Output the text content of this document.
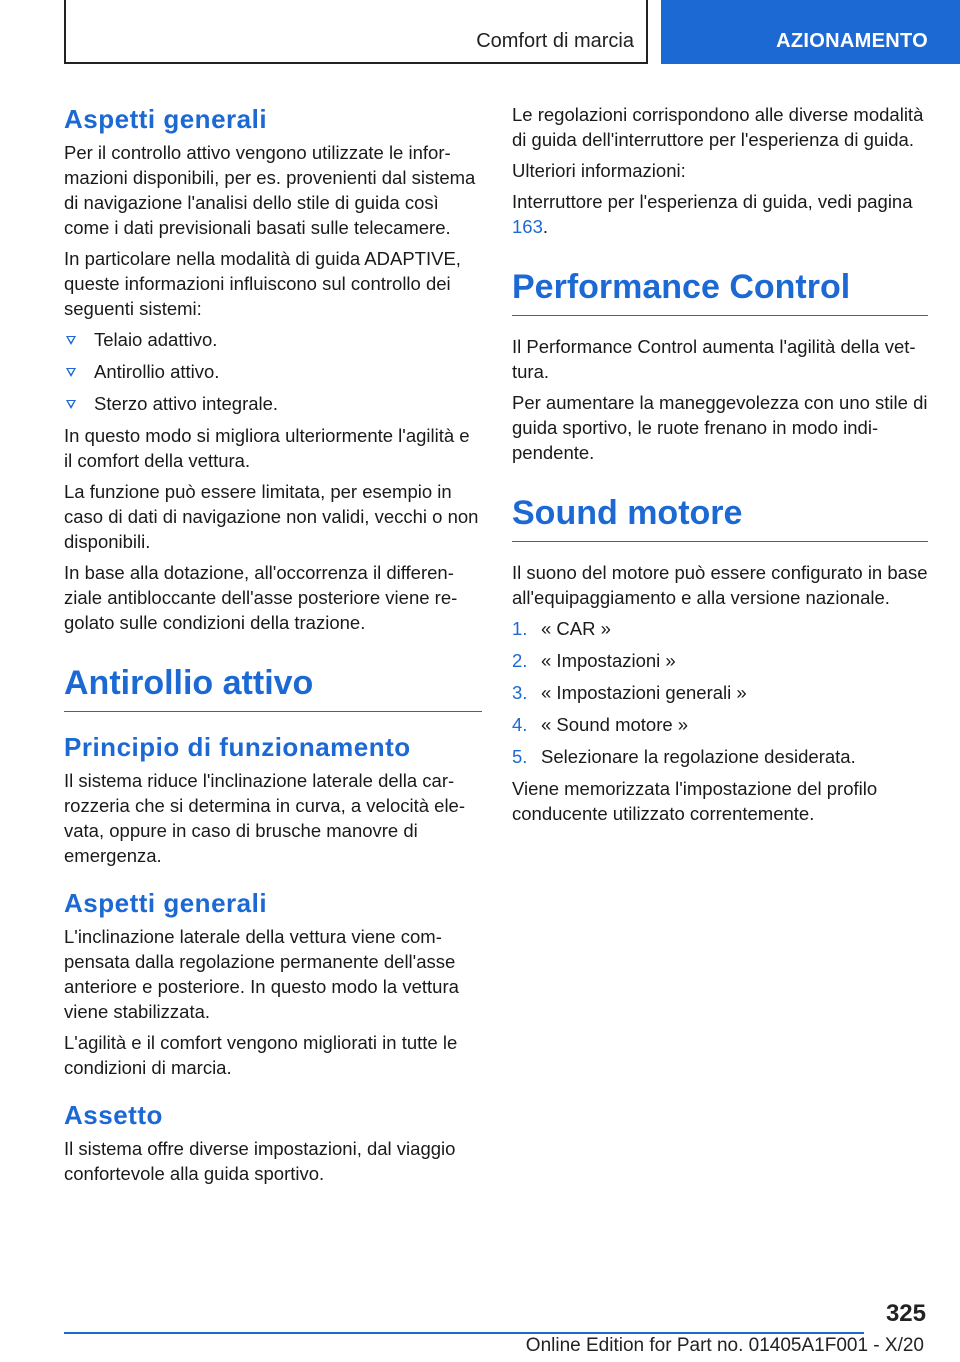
Comfort di marcia	AZIONAMENTO
Aspetti generali

Per il controllo attivo vengono utilizzate le informazioni disponibili, per es. provenienti dal sistema di navigazione l'analisi dello stile di guida così come i dati previsionali basati sulle telecamere.

In particolare nella modalità di guida ADAPTIVE, queste informazioni influiscono sul controllo dei seguenti sistemi:

Telaio adattivo.
Antirollio attivo.
Sterzo attivo integrale.

In questo modo si migliora ulteriormente l'agilità e il comfort della vettura.

La funzione può essere limitata, per esempio in caso di dati di navigazione non validi, vecchi o non disponibili.

In base alla dotazione, all'occorrenza il differenziale antibloccante dell'asse posteriore viene regolato sulle condizioni della trazione.

Antirollio attivo
Principio di funzionamento

Il sistema riduce l'inclinazione laterale della carrozzeria che si determina in curva, a velocità elevata, oppure in caso di brusche manovre di emergenza.

Aspetti generali

L'inclinazione laterale della vettura viene compensata dalla regolazione permanente dell'asse anteriore e posteriore. In questo modo la vettura viene stabilizzata.

L'agilità e il comfort vengono migliorati in tutte le condizioni di marcia.

Assetto

Il sistema offre diverse impostazioni, dal viaggio confortevole alla guida sportivo.

Le regolazioni corrispondono alle diverse modalità di guida dell'interruttore per l'esperienza di guida.

Ulteriori informazioni:

Interruttore per l'esperienza di guida, vedi pagina 163.

Performance Control

Il Performance Control aumenta l'agilità della vettura.

Per aumentare la maneggevolezza con uno stile di guida sportivo, le ruote frenano in modo indipendente.

Sound motore

Il suono del motore può essere configurato in base all'equipaggiamento e alla versione nazionale.

1. « CAR »
2. « Impostazioni »
3. « Impostazioni generali »
4. « Sound motore »
5. Selezionare la regolazione desiderata.

Viene memorizzata l'impostazione del profilo conducente utilizzato correntemente.

325
Online Edition for Part no. 01405A1F001 - X/20
